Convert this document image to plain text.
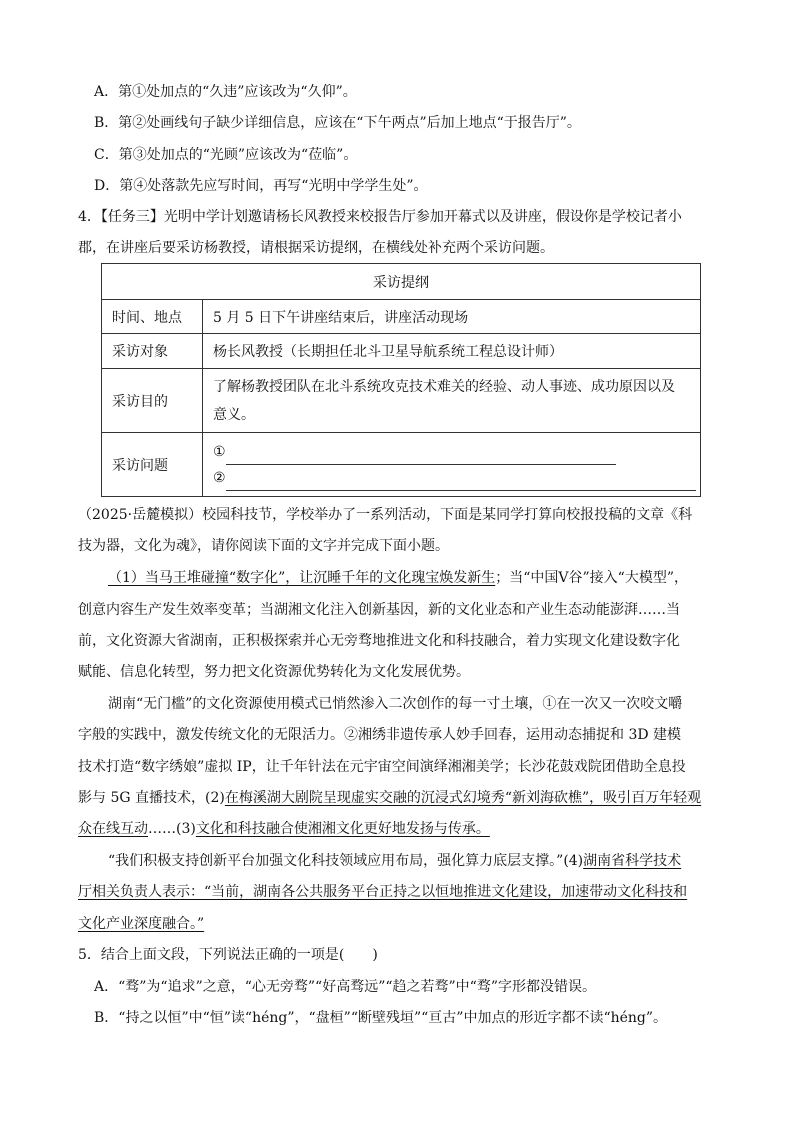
A．第①处加点的“久违”应该改为“久仰”。
B．第②处画线句子缺少详细信息，应该在“下午两点”后加上地点“于报告厅”。
C．第③处加点的“光顾”应该改为“莅临”。
D．第④处落款先应写时间，再写“光明中学学生处”。
4．【任务三】光明中学计划邀请杨长风教授来校报告厅参加开幕式以及讲座，假设你是学校记者小
郡，在讲座后要采访杨教授，请根据采访提纲，在横线处补充两个采访问题。
采访提纲	
时间、地点	5 月 5 日下午讲座结束后，讲座活动现场
采访对象	杨长风教授（长期担任北斗卫星导航系统工程总设计师）
采访目的	了解杨教授团队在北斗系统攻克技术难关的经验、动人事迹、成功原因以及
意义。

采访问题	①
②
（2025·岳麓模拟）校园科技节，学校举办了一系列活动，下面是某同学打算向校报投稿的文章《科
技为器，文化为魂》，请你阅读下面的文字并完成下面小题。
（1）当马王堆碰撞“数字化”，让沉睡千年的文化瑰宝焕发新生；当“中国Ⅴ谷”接入“大模型”，
创意内容生产发生效率变革；当湖湘文化注入创新基因，新的文化业态和产业生态动能澎湃……当
前，文化资源大省湖南，正积极探索并心无旁骛地推进文化和科技融合，着力实现文化建设数字化
赋能、信息化转型，努力把文化资源优势转化为文化发展优势。
湖南“无门槛”的文化资源使用模式已悄然渗入二次创作的每一寸土壤，①在一次又一次咬文嚼
字般的实践中，激发传统文化的无限活力。②湘绣非遗传承人妙手回春，运用动态捕捉和 3D 建模
技术打造“数字绣娘”虚拟 IP，让千年针法在元宇宙空间演绎湘湘美学；长沙花鼓戏院团借助全息投
影与 5G 直播技术，(2)在梅溪湖大剧院呈现虚实交融的沉浸式幻境秀“新刘海砍樵”，吸引百万年轻观
众在线互动……(3)文化和科技融合使湘湘文化更好地发扬与传承。
“我们积极支持创新平台加强文化科技领域应用布局，强化算力底层支撑。”(4)湖南省科学技术
厅相关负责人表示：“当前，湖南各公共服务平台正持之以恒地推进文化建设，加速带动文化科技和
文化产业深度融合。”
5．结合上面文段，下列说法正确的一项是(　　)
A．“骛”为“追求”之意，“心无旁骛”“好高骛远”“趋之若骛”中“骛”字形都没错误。
B．“持之以恒”中“恒”读“héng”，“盘桓”“断壁残垣”“亘古”中加点的形近字都不读“héng”。
